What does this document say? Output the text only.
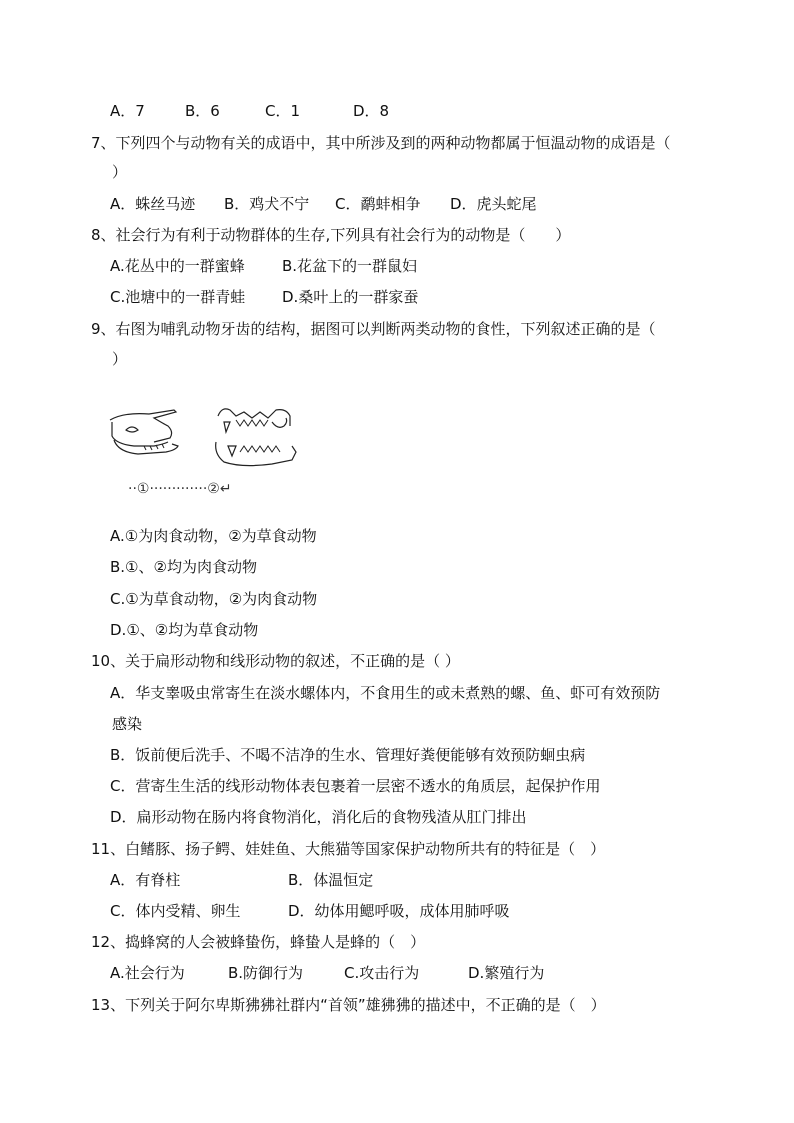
A．7	B．6	C．1	D．8
7、下列四个与动物有关的成语中，其中所涉及到的两种动物都属于恒温动物的成语是（
）
A．蛛丝马迹 B．鸡犬不宁 C．鹬蚌相争 D．虎头蛇尾
8、社会行为有利于动物群体的生存,下列具有社会行为的动物是（　　）
A.花丛中的一群蜜蜂 B.花盆下的一群鼠妇
C.池塘中的一群青蛙 D.桑叶上的一群家蚕
9、右图为哺乳动物牙齿的结构，据图可以判断两类动物的食性，下列叙述正确的是（
）
··①·············②↵
A.①为肉食动物，②为草食动物
B.①、②均为肉食动物
C.①为草食动物，②为肉食动物
D.①、②均为草食动物
10、关于扁形动物和线形动物的叙述，不正确的是（ ）
A．华支睾吸虫常寄生在淡水螺体内，不食用生的或未煮熟的螺、鱼、虾可有效预防
感染
B．饭前便后洗手、不喝不洁净的生水、管理好粪便能够有效预防蛔虫病
C．营寄生生活的线形动物体表包裹着一层密不透水的角质层，起保护作用
D．扁形动物在肠内将食物消化，消化后的食物残渣从肛门排出
11、白鳍豚、扬子鳄、娃娃鱼、大熊猫等国家保护动物所共有的特征是（　）
A．有脊柱	B．体温恒定
C．体内受精、卵生	D．幼体用鳃呼吸，成体用肺呼吸
12、捣蜂窝的人会被蜂蛰伤，蜂蛰人是蜂的（　）
A.社会行为	B.防御行为	C.攻击行为	D.繁殖行为
13、下列关于阿尔卑斯狒狒社群内“首领”雄狒狒的描述中，不正确的是（　）
